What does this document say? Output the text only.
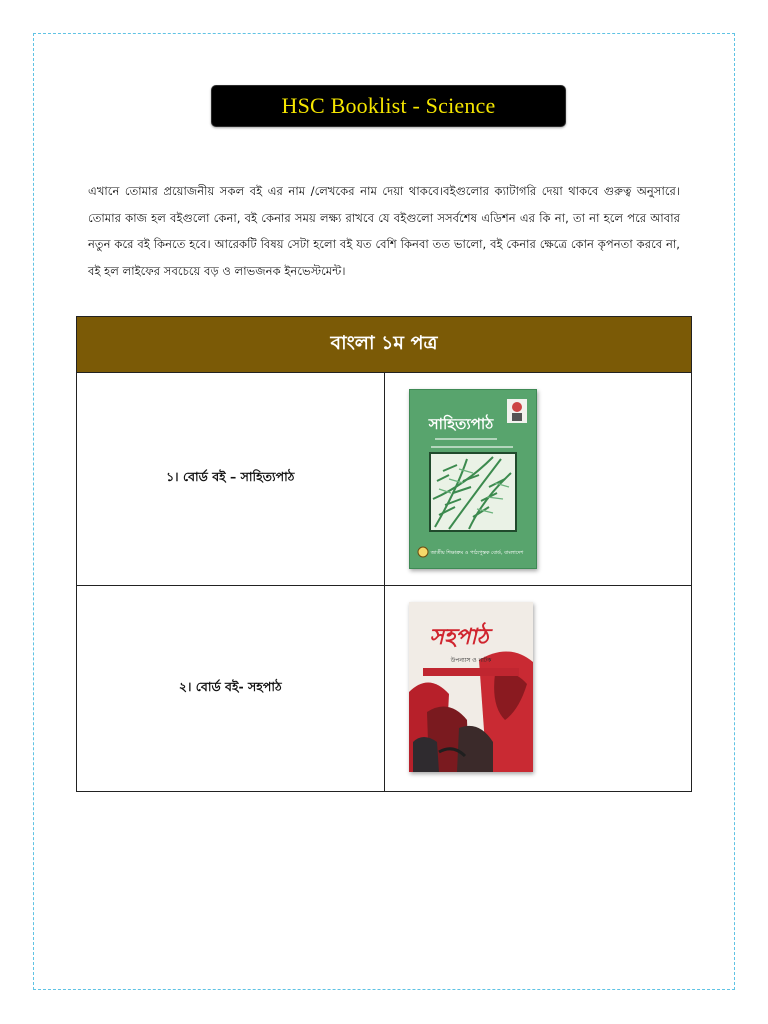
HSC Booklist - Science

এখানে তোমার প্রয়োজনীয় সকল বই এর নাম /লেখকের নাম দেয়া থাকবে।বইগুলোর ক্যাটাগরি দেয়া থাকবে গুরুত্ব অনুসারে।তোমার কাজ হল বইগুলো কেনা, বই কেনার সময় লক্ষ্য রাখবে যে বইগুলো সসর্বশেষ এডিশন এর কি না, তা না হলে পরে আবার নতুন করে বই কিনতে হবে। আরেকটি বিষয় সেটা হলো বই যত বেশি কিনবা তত ভালো, বই কেনার ক্ষেত্রে কোন কৃপনতা করবে না, বই হল লাইফের সবচেয়ে বড় ও লাভজনক ইনভেস্টমেন্ট।

বাংলা ১ম পত্র	
১। বোর্ড বই – সাহিত্যপাঠ	সাহিত্যপাঠ
জাতীয় শিক্ষাক্রম ও পাঠ্যপুস্তক বোর্ড, বাংলাদেশ

২। বোর্ড বই- সহপাঠ	সহপাঠ
উপন্যাস ও নাটক
